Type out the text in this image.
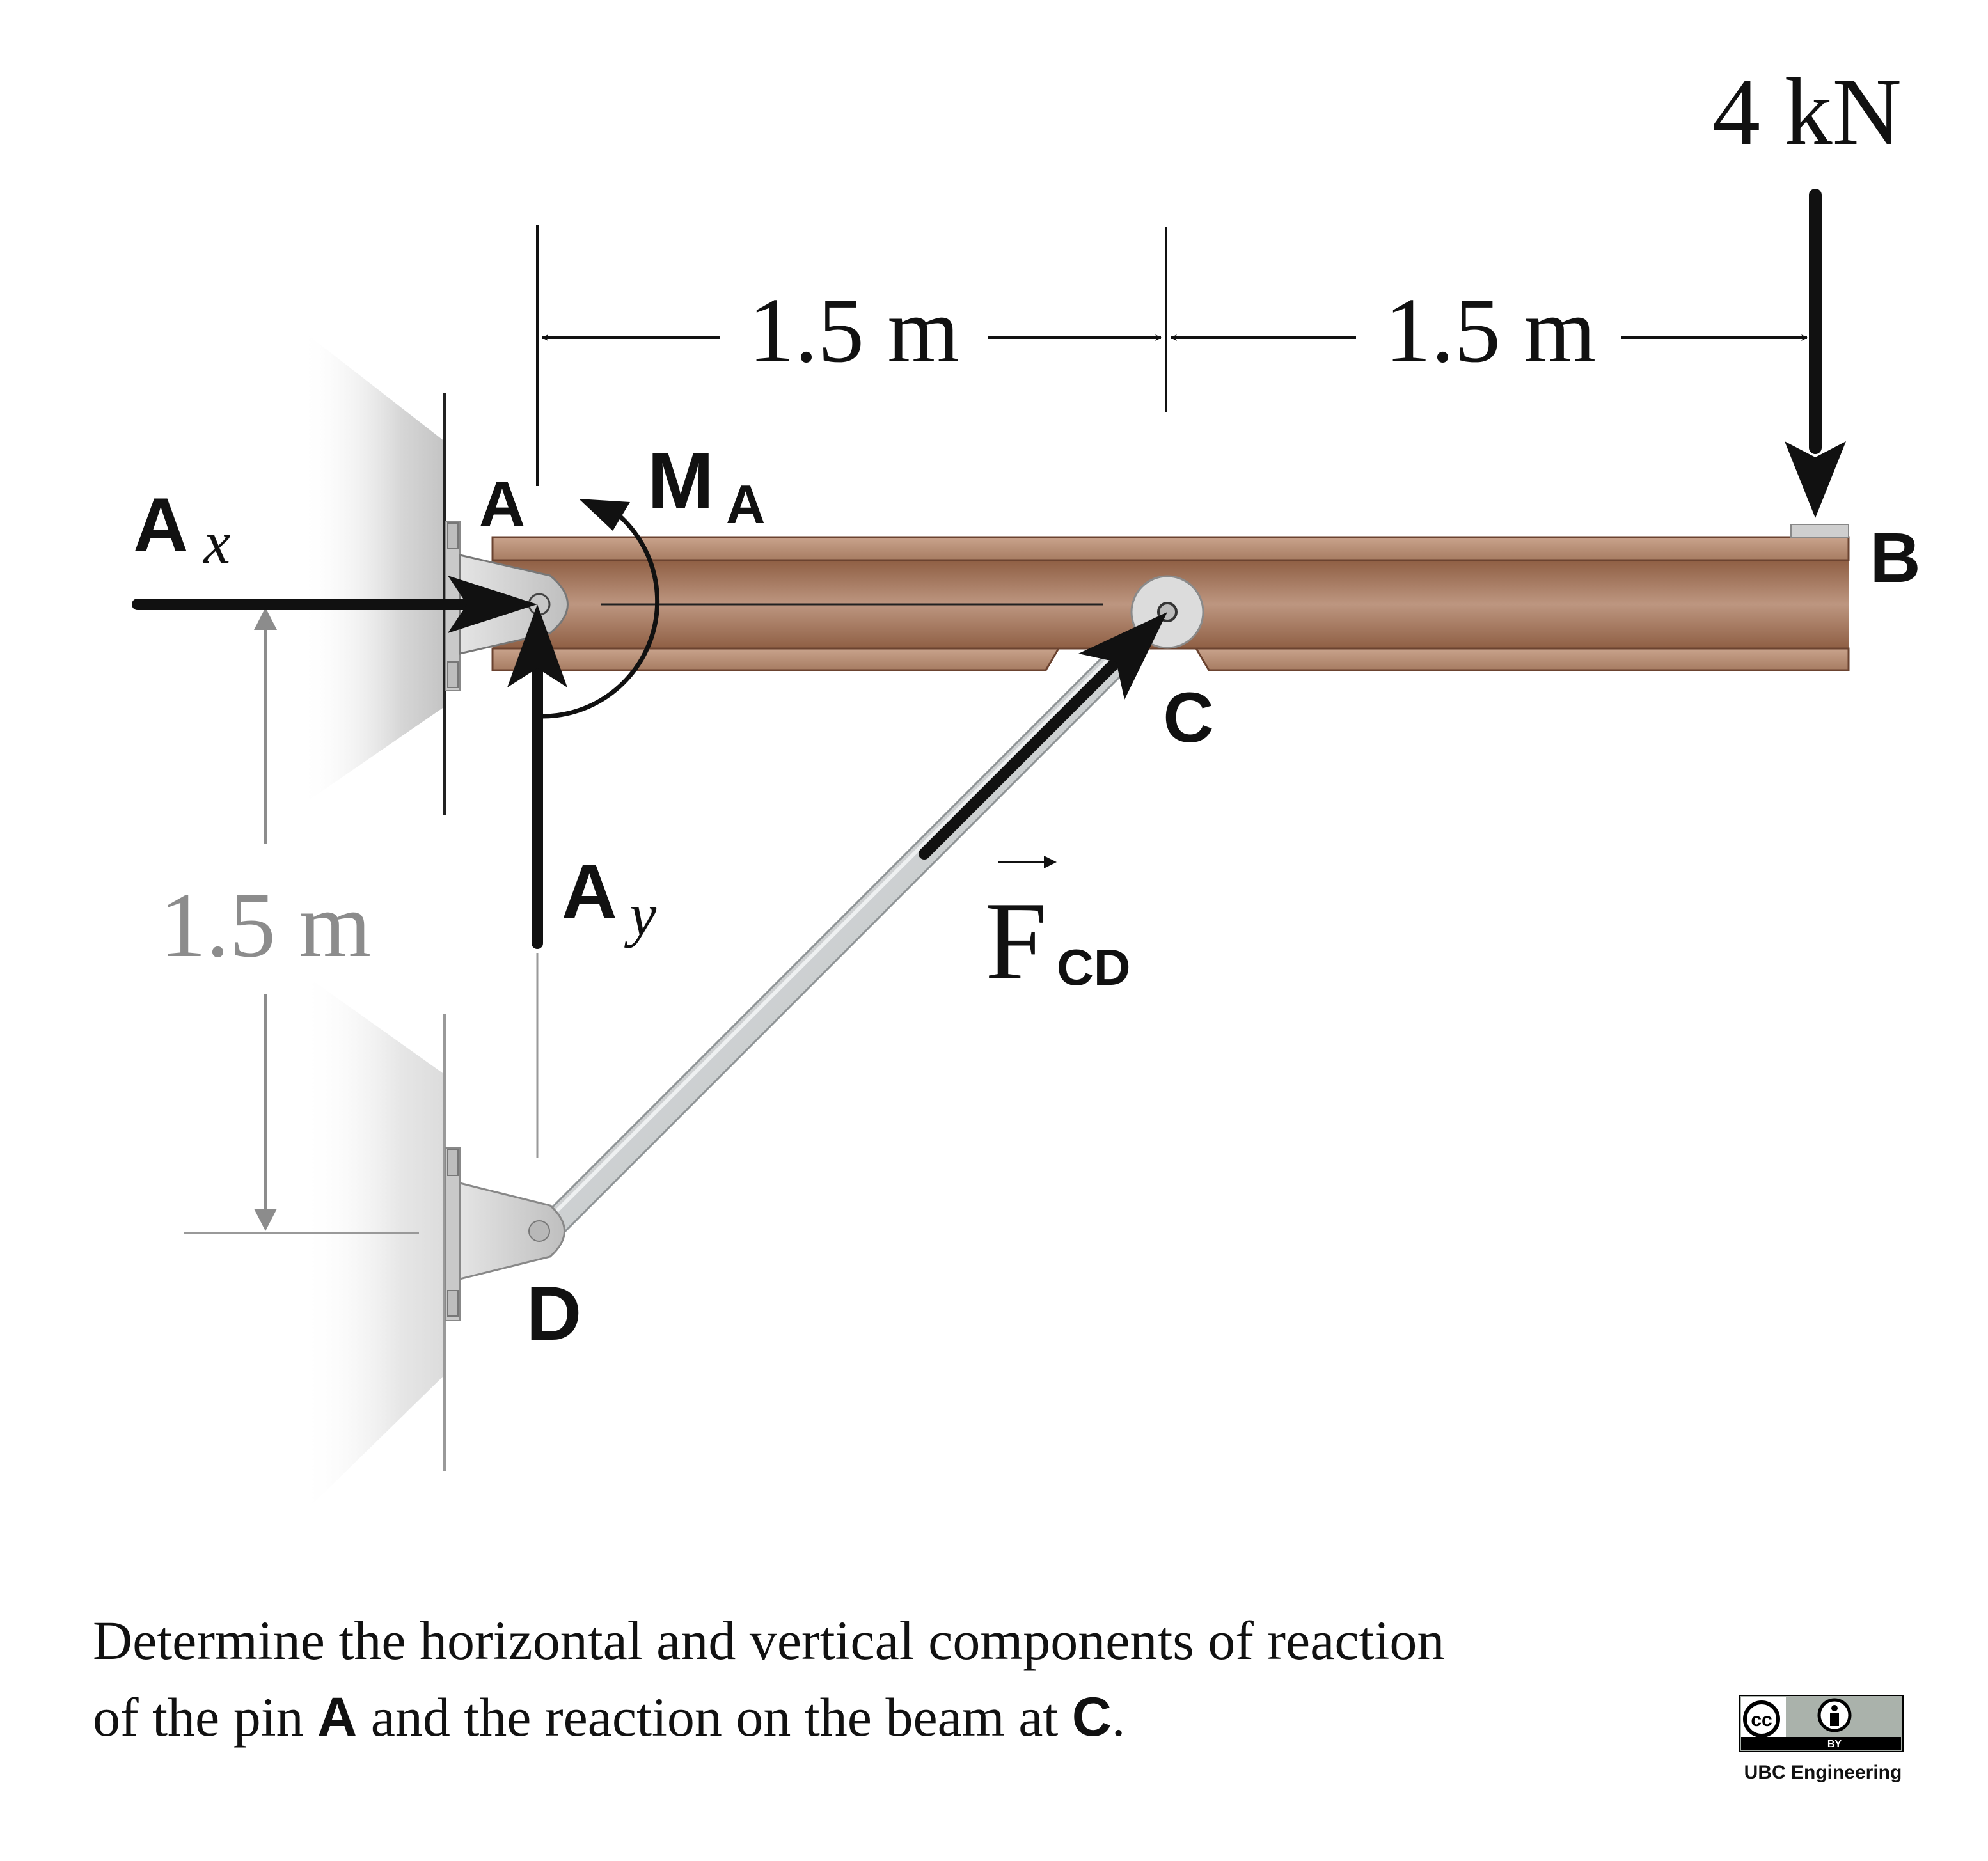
4 kN
1.5 m	1.5 m
1.5 m
A
B
C
D
A x
A y
M A
F CD
Determine the horizontal and vertical components of reaction
of the pin A and the reaction on the beam at C.	cc
BY
UBC Engineering
